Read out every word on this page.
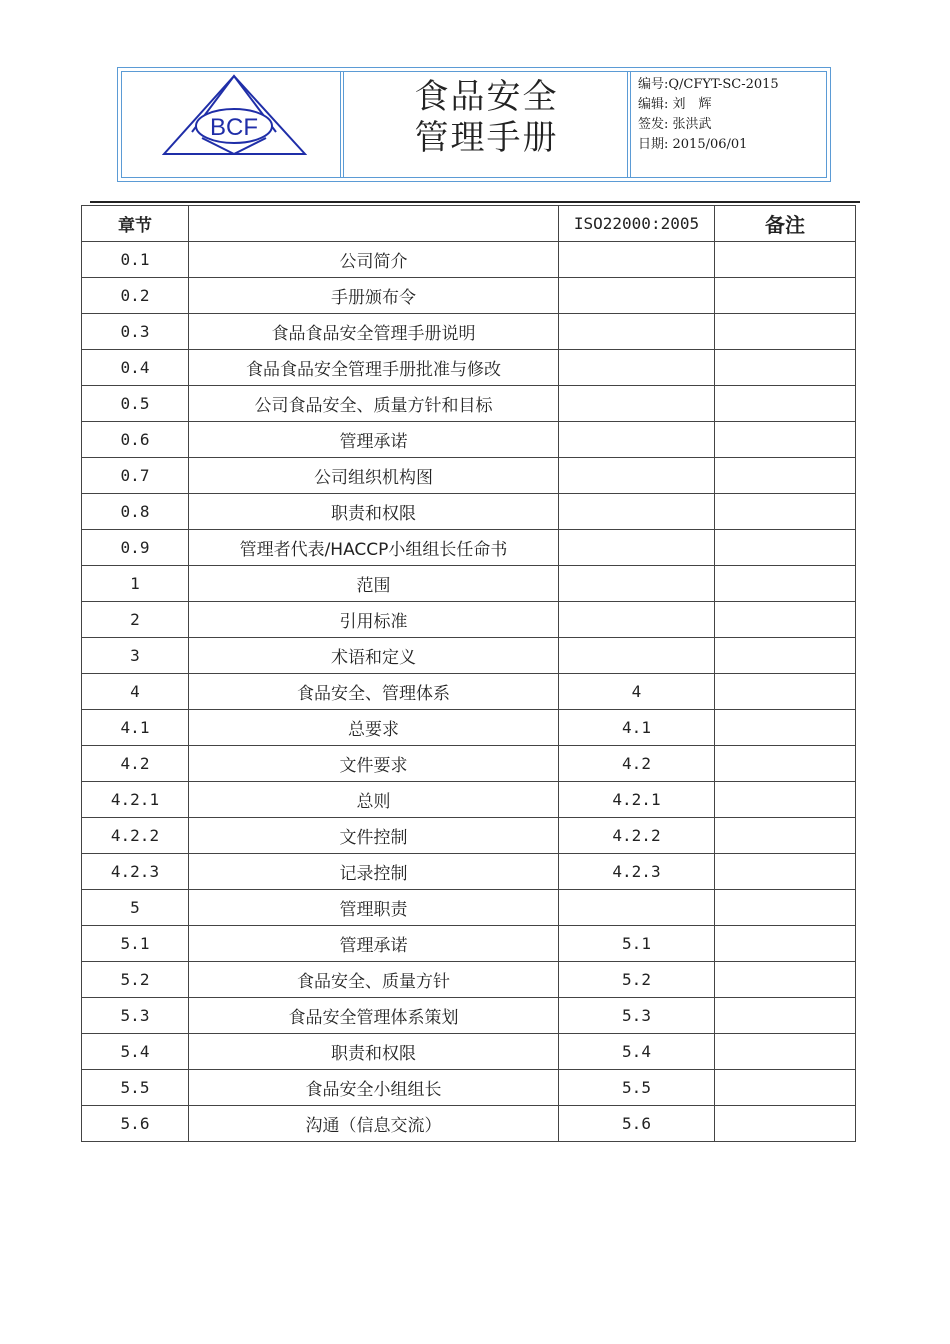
BCF
食品安全
管理手册
编号:Q/CFYT-SC-2015
编辑: 刘　辉
签发: 张洪武
日期: 2015/06/01
章节		ISO22000:2005	备注
0.1	公司简介		
0.2	手册颁布令		
0.3	食品食品安全管理手册说明		
0.4	食品食品安全管理手册批准与修改		
0.5	公司食品安全、质量方针和目标		
0.6	管理承诺		
0.7	公司组织机构图		
0.8	职责和权限		
0.9	管理者代表/HACCP小组组长任命书		
1	范围		
2	引用标准		
3	术语和定义		
4	食品安全、管理体系	4	
4.1	总要求	4.1	
4.2	文件要求	4.2	
4.2.1	总则	4.2.1	
4.2.2	文件控制	4.2.2	
4.2.3	记录控制	4.2.3	
5	管理职责		
5.1	管理承诺	5.1	
5.2	食品安全、质量方针	5.2	
5.3	食品安全管理体系策划	5.3	
5.4	职责和权限	5.4	
5.5	食品安全小组组长	5.5	
5.6	沟通（信息交流）	5.6	
